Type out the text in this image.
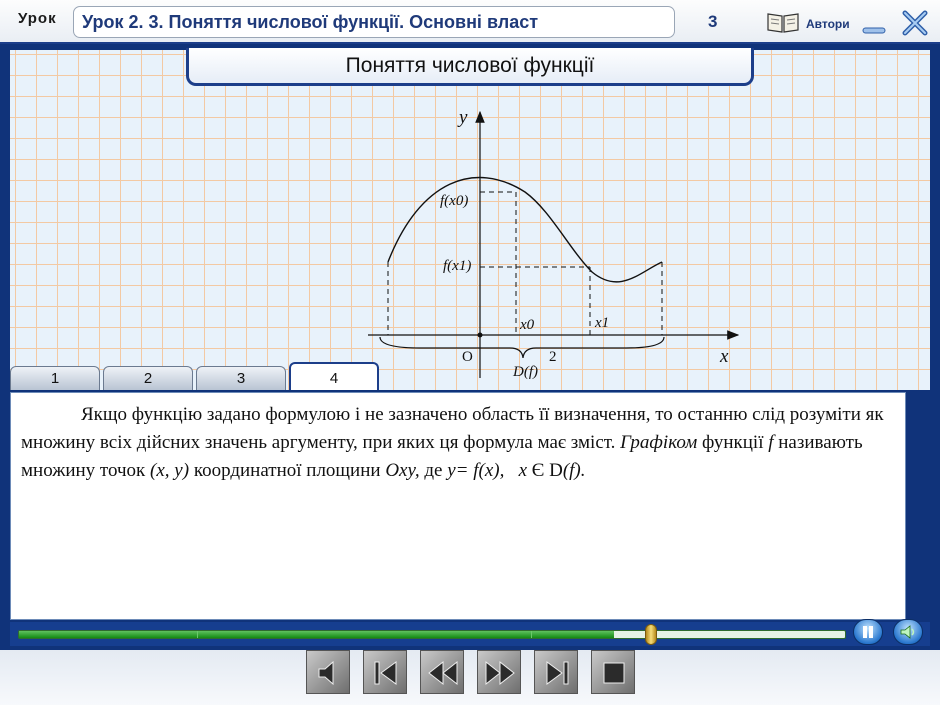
Урок	Урок 2. 3. Поняття числової функції. Основні власт	3	Автори
Поняття числової функції
y
x
O	2
f(x0)
f(x1)
x0	x1
D(f)
1	2	3	4

Якщо функцію задано формулою і не зазначено область її визначення, то останню слід розуміти як множину всіх дійсних значень аргументу, при яких ця формула має зміст. Графіком функції f називають множину точок (x, y) координатної площини Oxy, де y= f(x), x Є D(f).
